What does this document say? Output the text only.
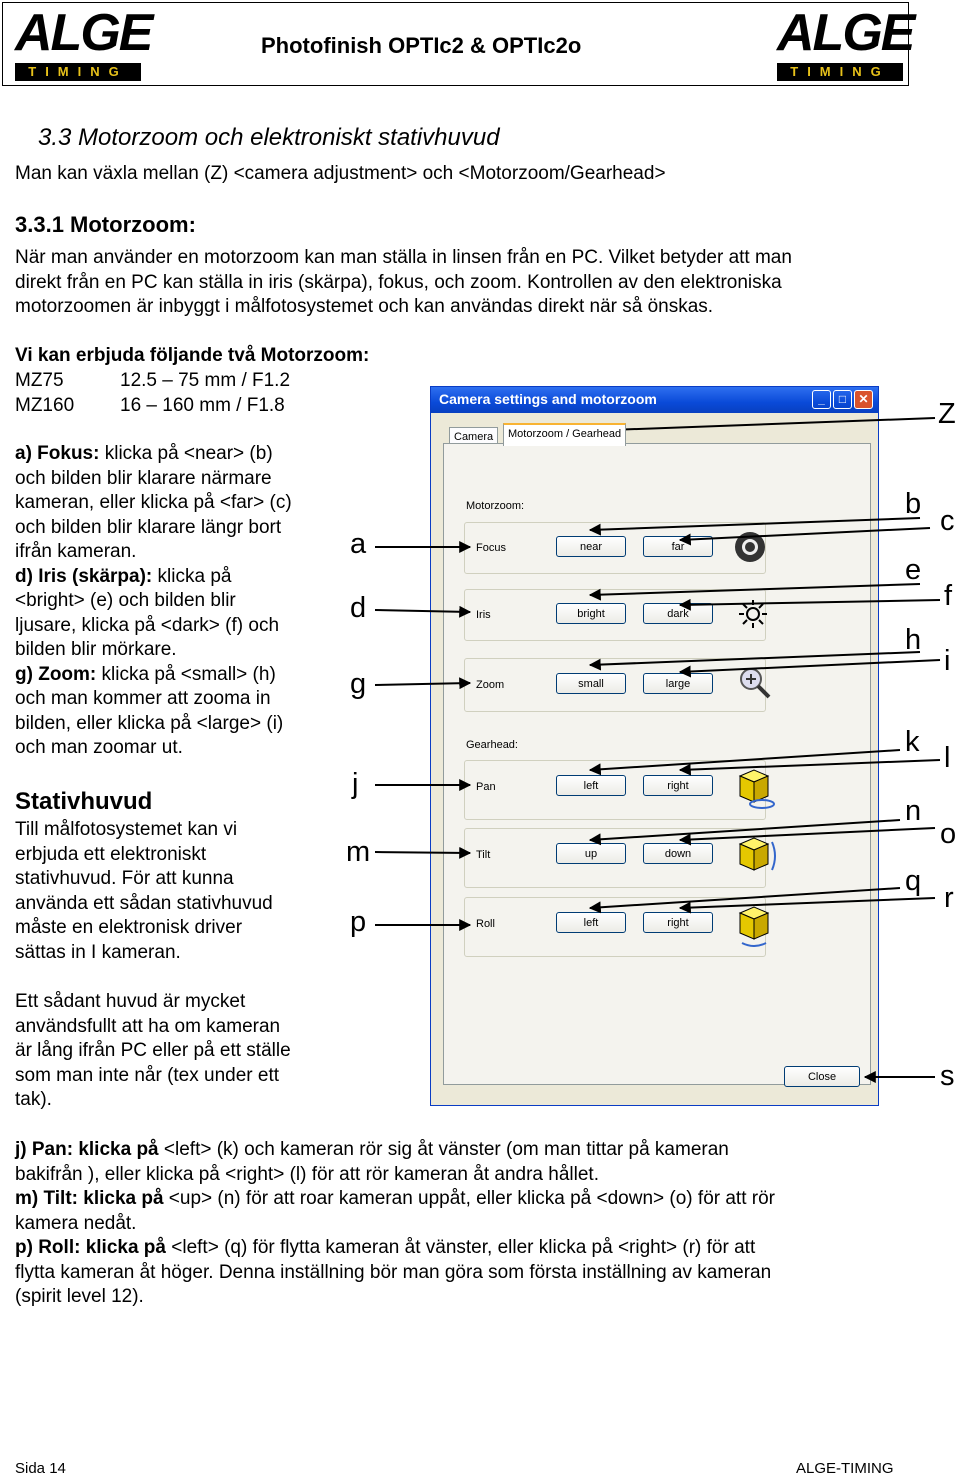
ALGE
TIMING
Photofinish OPTIc2 & OPTIc2o	ALGE
TIMING
3.3 Motorzoom och elektroniskt stativhuvud
Man kan växla mellan (Z) <camera adjustment> och <Motorzoom/Gearhead>
3.3.1 Motorzoom:
När man använder en motorzoom kan man ställa in linsen från en PC. Vilket betyder att man
direkt från en PC kan ställa in iris (skärpa), fokus, och zoom. Kontrollen av den elektroniska
motorzoomen är inbyggt i målfotosystemet och kan användas direkt när så önskas.
Vi kan erbjuda följande två Motorzoom:
MZ75	12.5 – 75 mm / F1.2
MZ160 16 – 160 mm / F1.8
a) Fokus: klicka på <near> (b)
och bilden blir klarare närmare
kameran, eller klicka på <far> (c)
och bilden blir klarare längr bort
ifrån kameran.
d) Iris (skärpa): klicka på
<bright> (e) och bilden blir
ljusare, klicka på <dark> (f) och
bilden blir mörkare.
g) Zoom: klicka på <small> (h)
och man kommer att zooma in
bilden, eller klicka på <large> (i)
och man zoomar ut.
Stativhuvud
Till målfotosystemet kan vi
erbjuda ett elektroniskt
stativhuvud. För att kunna
använda ett sådan stativhuvud
måste en elektronisk driver
sättas in I kameran.
Ett sådant huvud är mycket
användsfullt att ha om kameran
är lång ifrån PC eller på ett ställe
som man inte når (tex under ett
tak).
Camera settings and motorzoom	_	□	✕
Camera	Motorzoom / Gearhead
Motorzoom:
Focus	near	far
Iris	bright	dark
Zoom	small	large
Gearhead:
Pan	left	right
Tilt	up	down
Roll	left	right
Close
Z
b
c
a
e
f
d
h
i
g
k l
j
n
o
m
q
r
p
s
j) Pan: klicka på <left> (k) och kameran rör sig åt vänster (om man tittar på kameran
bakifrån ), eller klicka på <right> (l) för att rör kameran åt andra hållet.
m) Tilt: klicka på <up> (n) för att roar kameran uppåt, eller klicka på <down> (o) för att rör
kamera nedåt.
p) Roll: klicka på <left> (q) för flytta kameran åt vänster, eller klicka på <right> (r) för att
flytta kameran åt höger. Denna inställning bör man göra som första inställning av kameran
(spirit level 12).
Sida 14	ALGE-TIMING
